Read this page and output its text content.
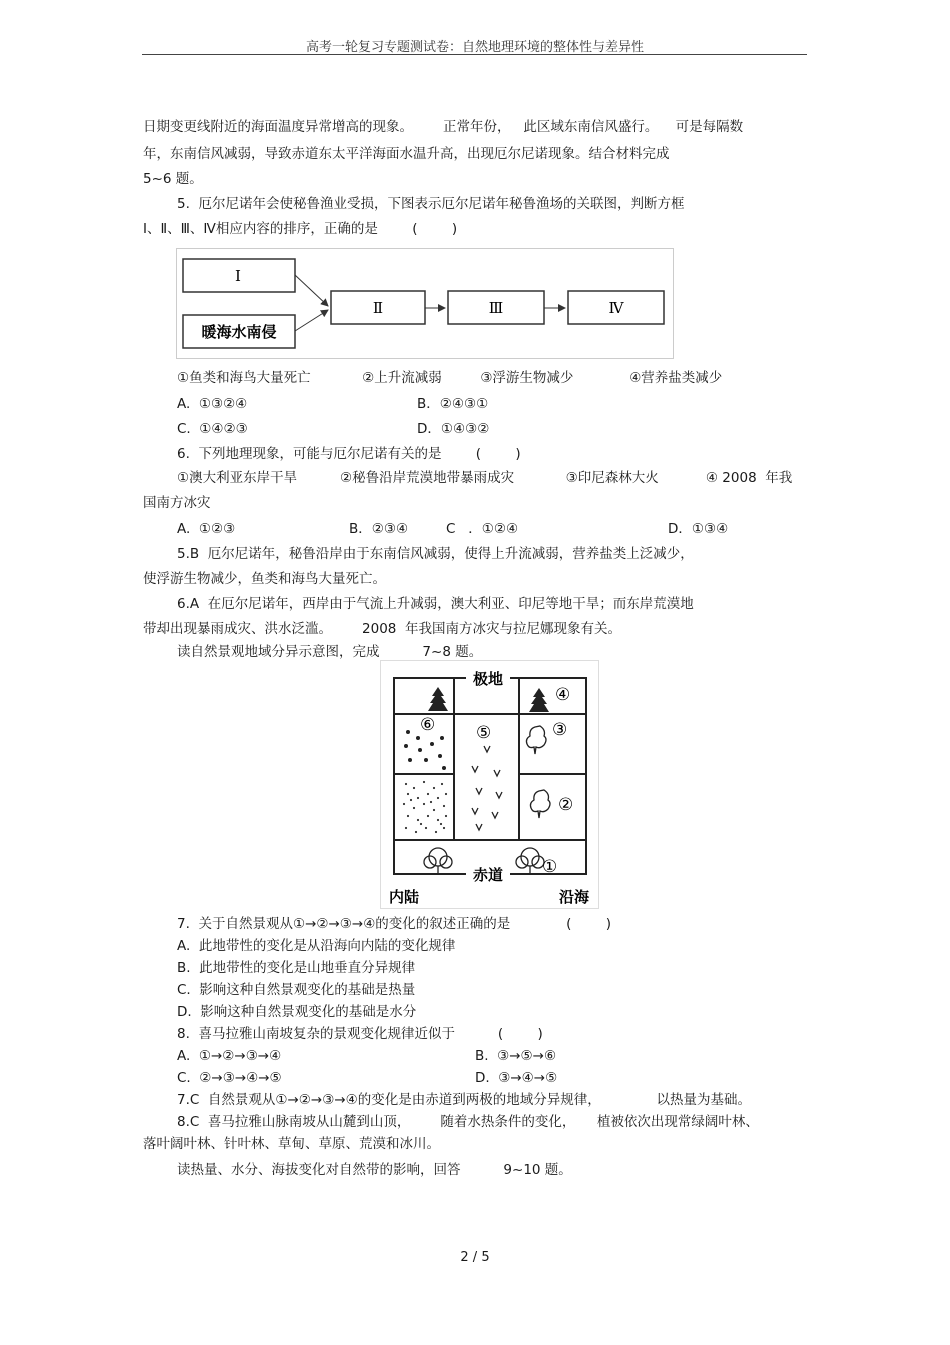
高考一轮复习专题测试卷：自然地理环境的整体性与差异性
日期变更线附近的海面温度异常增高的现象。       正常年份，   此区域东南信风盛行。    可是每隔数
年，东南信风减弱，导致赤道东太平洋海面水温升高，出现厄尔尼诺现象。结合材料完成
5~6 题。
5.  厄尔尼诺年会使秘鲁渔业受损，下图表示厄尔尼诺年秘鲁渔场的关联图，判断方框
Ⅰ、Ⅱ、Ⅲ、Ⅳ相应内容的排序，正确的是        (        )
Ⅰ
暖海水南侵
Ⅱ	Ⅲ	Ⅳ
①鱼类和海鸟大量死亡            ②上升流减弱         ③浮游生物减少             ④营养盐类减少
A.  ①③②④	B．②④③①
C.  ①④②③	D．①④③②
6.  下列地理现象，可能与厄尔尼诺有关的是        (        )
①澳大利亚东岸干旱          ②秘鲁沿岸荒漠地带暴雨成灾            ③印尼森林大火           ④ 2008  年我
国南方冰灾
A.  ①②③	B．②③④	C   ．①②④	D．①③④
5.B  厄尔尼诺年，秘鲁沿岸由于东南信风减弱，使得上升流减弱，营养盐类上泛减少，
使浮游生物减少，鱼类和海鸟大量死亡。
6.A  在厄尔尼诺年，西岸由于气流上升减弱，澳大利亚、印尼等地干旱；而东岸荒漠地
带却出现暴雨成灾、洪水泛滥。       2008  年我国南方冰灾与拉尼娜现象有关。
读自然景观地域分异示意图，完成          7~8 题。
极地
赤道
内陆	沿海
④
③
②
①
⑤
⑥
7.  关于自然景观从①→②→③→④的变化的叙述正确的是             (        )
A.  此地带性的变化是从沿海向内陆的变化规律
B.  此地带性的变化是山地垂直分异规律
C.  影响这种自然景观变化的基础是热量
D.  影响这种自然景观变化的基础是水分
8.  喜马拉雅山南坡复杂的景观变化规律近似于          (        )
A.  ①→②→③→④	B.  ③→⑤→⑥
C.  ②→③→④→⑤	D.  ③→④→⑤
7.C  自然景观从①→②→③→④的变化是由赤道到两极的地域分异规律，             以热量为基础。
8.C  喜马拉雅山脉南坡从山麓到山顶，       随着水热条件的变化，     植被依次出现常绿阔叶林、
落叶阔叶林、针叶林、草甸、草原、荒漠和冰川。
读热量、水分、海拔变化对自然带的影响，回答          9~10 题。
2 / 5
